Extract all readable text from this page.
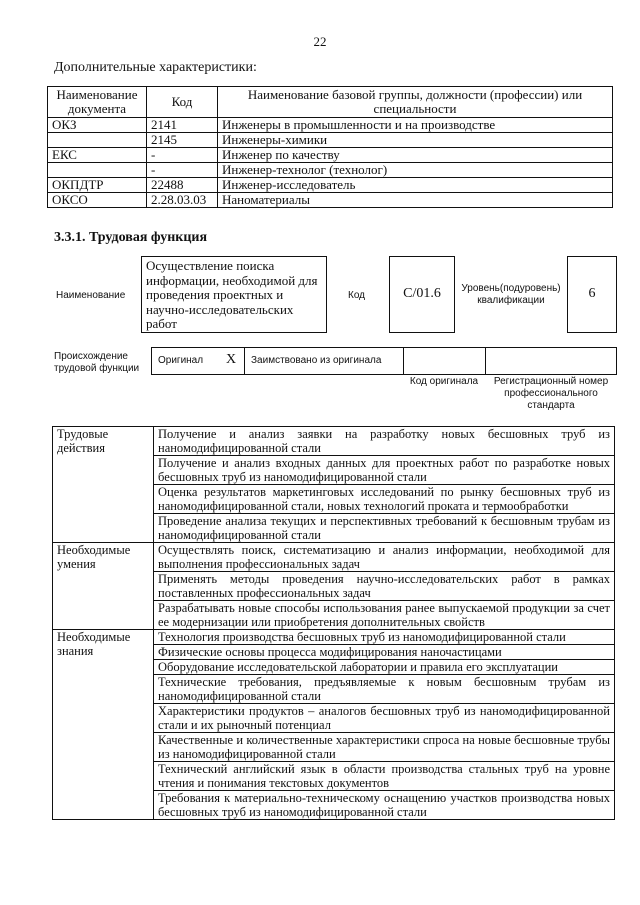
22
Дополнительные характеристики:
Наименование документа	Код	Наименование базовой группы, должности (профессии) или специальности
ОКЗ	2141	Инженеры в промышленности и на производстве
	2145	Инженеры-химики
ЕКС	-	Инженер по качеству
	-	Инженер-технолог (технолог)
ОКПДТР	22488	Инженер-исследователь
ОКСО	2.28.03.03	Наноматериалы
3.3.1. Трудовая функция
Наименование
Осуществление поиска информации, необходимой для проведения проектных и научно-исследовательских работ
Код	C/01.6	Уровень(подуровень) квалификации	6
Происхождение трудовой функции
Оригинал X Заимствовано из оригинала
Код оригинала	Регистрационный номер профессионального стандарта
Трудовые действия	Получение и анализ заявки на разработку новых бесшовных труб из наномодифицированной стали
	Получение и анализ входных данных для проектных работ по разработке новых бесшовных труб из наномодифицированной стали
	Оценка результатов маркетинговых исследований по рынку бесшовных труб из наномодифицированной стали, новых технологий проката и термообработки
	Проведение анализа текущих и перспективных требований к бесшовным трубам из наномодифицированной стали
Необходимые умения	Осуществлять поиск, систематизацию и анализ информации, необходимой для выполнения профессиональных задач
	Применять методы проведения научно-исследовательских работ в рамках поставленных профессиональных задач
	Разрабатывать новые способы использования ранее выпускаемой продукции за счет ее модернизации или приобретения дополнительных свойств
Необходимые знания	Технология производства бесшовных труб из наномодифицированной стали
	Физические основы процесса модифицирования наночастицами
	Оборудование исследовательской лаборатории и правила его эксплуатации
	Технические требования, предъявляемые к новым бесшовным трубам из наномодифицированной стали
	Характеристики продуктов – аналогов бесшовных труб из наномодифицированной стали и их рыночный потенциал
	Качественные и количественные характеристики спроса на новые бесшовные трубы из наномодифицированной стали
	Технический английский язык в области производства стальных труб на уровне чтения и понимания текстовых документов
	Требования к материально-техническому оснащению участков производства новых бесшовных труб из наномодифицированной стали
